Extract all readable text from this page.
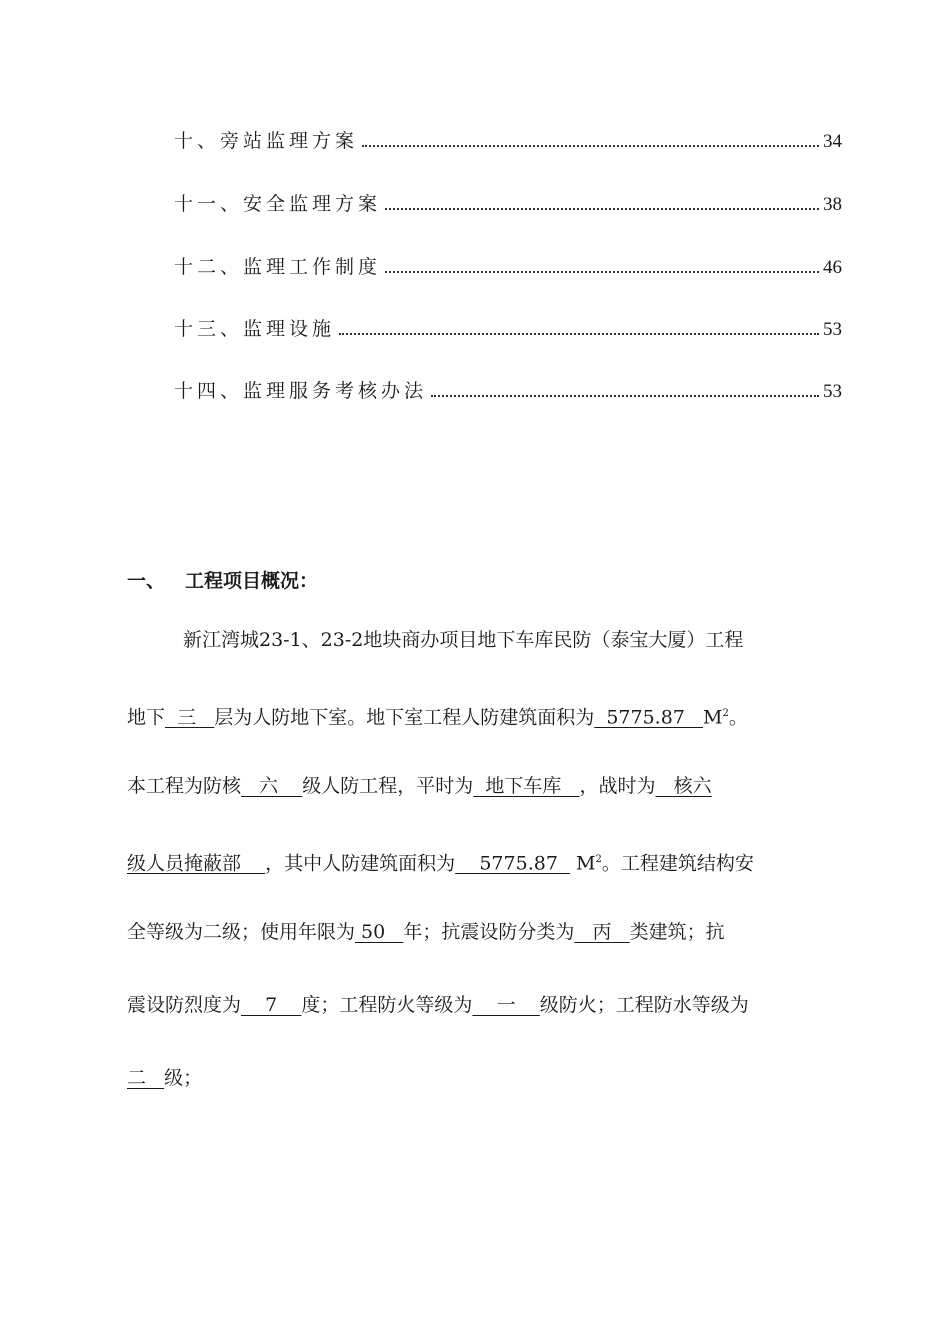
十、旁站监理方案	34
十一、安全监理方案	38
十二、监理工作制度	46
十三、监理设施	53
十四、监理服务考核办法	53
一、	工程项目概况：
新江湾城23-1、23-2地块商办项目地下车库民防（泰宝大厦）工程
地下  三   层为人防地下室。地下室工程人防建筑面积为  5775.87   $M^2$。
本工程为防核   六    级人防工程，平时为  地下车库   ，战时为   核六
级人员掩蔽部    ，其中人防建筑面积为    5775.87   $M^2$。工程建筑结构安
全等级为二级；使用年限为 50   年；抗震设防分类为   丙   类建筑；抗
震设防烈度为    7    度；工程防火等级为    一    级防火；工程防水等级为
二   级；
